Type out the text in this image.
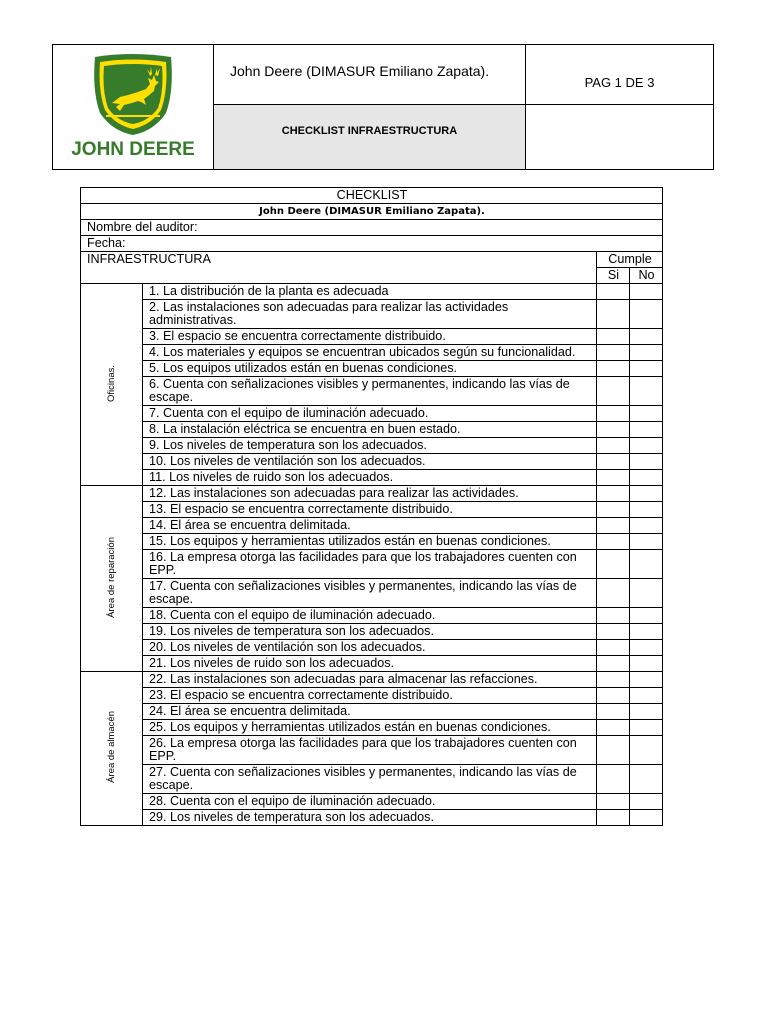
JOHN DEERE
John Deere (DIMASUR Emiliano Zapata).
CHECKLIST INFRAESTRUCTURA
PAG 1 DE 3
CHECKLIST			
John Deere (DIMASUR Emiliano Zapata).			
Nombre del auditor:			
Fecha:			
INFRAESTRUCTURA		Cumple	
		Si	No
Oficinas.	1. La distribución de la planta es adecuada		
	2. Las instalaciones son adecuadas para realizar las actividades administrativas.		
	3. El espacio se encuentra correctamente distribuido.		
	4. Los materiales y equipos se encuentran ubicados según su funcionalidad.		
	5. Los equipos utilizados están en buenas condiciones.		
	6. Cuenta con señalizaciones visibles y permanentes, indicando las vías de escape.		
	7. Cuenta con el equipo de iluminación adecuado.		
	8. La instalación eléctrica se encuentra en buen estado.		
	9. Los niveles de temperatura son los adecuados.		
	10. Los niveles de ventilación son los adecuados.		
	11. Los niveles de ruido son los adecuados.		
Área de reparación	12. Las instalaciones son adecuadas para realizar las actividades.		
	13. El espacio se encuentra correctamente distribuido.		
	14. El área se encuentra delimitada.		
	15. Los equipos y herramientas utilizados están en buenas condiciones.		
	16. La empresa otorga las facilidades para que los trabajadores cuenten con EPP.		
	17. Cuenta con señalizaciones visibles y permanentes, indicando las vías de escape.		
	18. Cuenta con el equipo de iluminación adecuado.		
	19. Los niveles de temperatura son los adecuados.		
	20. Los niveles de ventilación son los adecuados.		
	21. Los niveles de ruido son los adecuados.		
Área de almacén	22. Las instalaciones son adecuadas para almacenar las refacciones.		
	23. El espacio se encuentra correctamente distribuido.		
	24. El área se encuentra delimitada.		
	25. Los equipos y herramientas utilizados están en buenas condiciones.		
	26. La empresa otorga las facilidades para que los trabajadores cuenten con EPP.		
	27. Cuenta con señalizaciones visibles y permanentes, indicando las vías de escape.		
	28. Cuenta con el equipo de iluminación adecuado.		
	29. Los niveles de temperatura son los adecuados.		
